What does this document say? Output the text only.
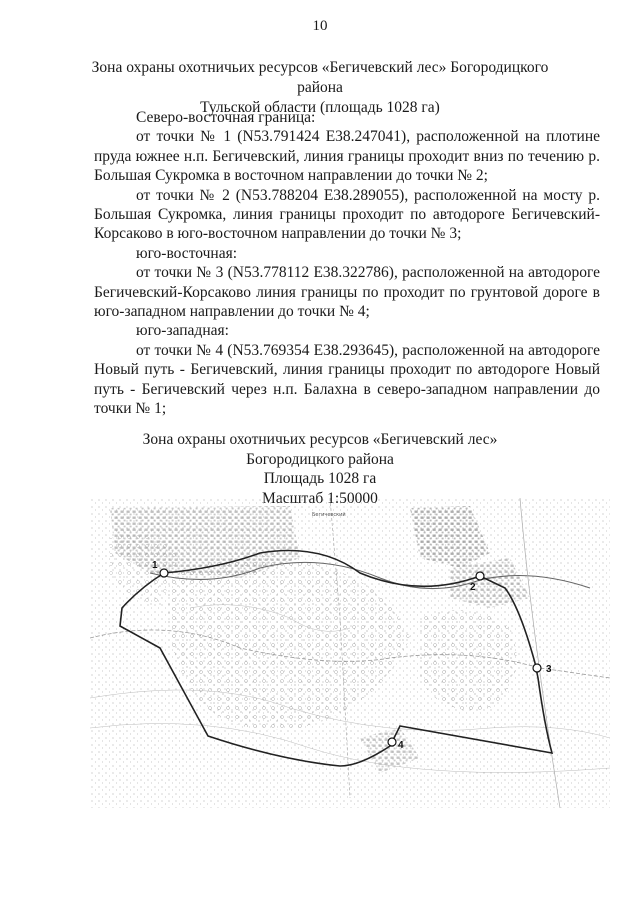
10
Зона охраны охотничьих ресурсов «Бегичевский лес» Богородицкого района
Тульской области (площадь 1028 га)

Северо-восточная граница:

от точки № 1 (N53.791424 E38.247041), расположенной на плотине пруда южнее н.п. Бегичевский, линия границы проходит вниз по течению р. Большая Сукромка в восточном направлении до точки № 2;

от точки № 2 (N53.788204 E38.289055), расположенной на мосту р. Большая Сукромка, линия границы проходит по автодороге Бегичевский-Корсаково в юго-восточном направлении до точки № 3;

юго-восточная:

от точки № 3 (N53.778112 E38.322786), расположенной на автодороге Бегичевский-Корсаково линия границы по проходит по грунтовой дороге в юго-западном направлении до точки № 4;

юго-западная:

от точки № 4 (N53.769354 E38.293645), расположенной на автодороге Новый путь - Бегичевский, линия границы проходит по автодороге Новый путь - Бегичевский через н.п. Балахна в северо-западном направлении до точки № 1;

Зона охраны охотничьих ресурсов «Бегичевский лес»
Богородицкого района
Площадь 1028 га
Бегичевский
1
2
3
4
